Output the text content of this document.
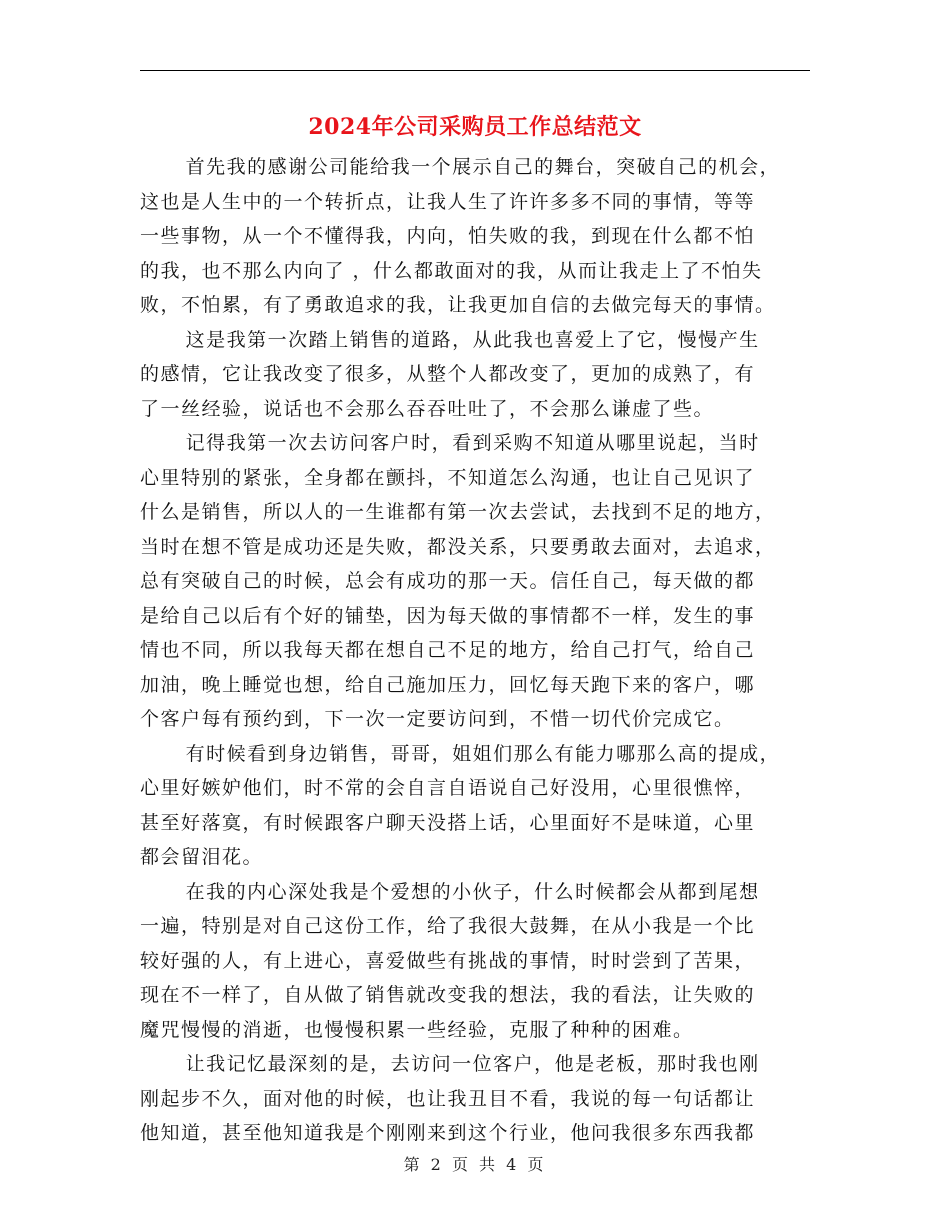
2024年公司采购员工作总结范文

首先我的感谢公司能给我一个展示自己的舞台，突破自己的机会，
这也是人生中的一个转折点，让我人生了许许多多不同的事情，等等
一些事物，从一个不懂得我，内向，怕失败的我，到现在什么都不怕
的我，也不那么内向了 ，什么都敢面对的我，从而让我走上了不怕失
败，不怕累，有了勇敢追求的我，让我更加自信的去做完每天的事情。

这是我第一次踏上销售的道路，从此我也喜爱上了它，慢慢产生
的感情，它让我改变了很多，从整个人都改变了，更加的成熟了，有
了一丝经验，说话也不会那么吞吞吐吐了，不会那么谦虚了些。

记得我第一次去访问客户时，看到采购不知道从哪里说起，当时
心里特别的紧张，全身都在颤抖，不知道怎么沟通，也让自己见识了
什么是销售，所以人的一生谁都有第一次去尝试，去找到不足的地方，
当时在想不管是成功还是失败，都没关系，只要勇敢去面对，去追求，
总有突破自己的时候，总会有成功的那一天。信任自己，每天做的都
是给自己以后有个好的铺垫，因为每天做的事情都不一样，发生的事
情也不同，所以我每天都在想自己不足的地方，给自己打气，给自己
加油，晚上睡觉也想，给自己施加压力，回忆每天跑下来的客户，哪
个客户每有预约到，下一次一定要访问到，不惜一切代价完成它。

有时候看到身边销售，哥哥，姐姐们那么有能力哪那么高的提成，
心里好嫉妒他们，时不常的会自言自语说自己好没用，心里很憔悴，
甚至好落寞，有时候跟客户聊天没搭上话，心里面好不是味道，心里
都会留泪花。

在我的内心深处我是个爱想的小伙子，什么时候都会从都到尾想
一遍，特别是对自己这份工作，给了我很大鼓舞，在从小我是一个比
较好强的人，有上进心，喜爱做些有挑战的事情，时时尝到了苦果，
现在不一样了，自从做了销售就改变我的想法，我的看法，让失败的
魔咒慢慢的消逝，也慢慢积累一些经验，克服了种种的困难。

让我记忆最深刻的是，去访问一位客户，他是老板，那时我也刚
刚起步不久，面对他的时候，也让我丑目不看，我说的每一句话都让
他知道，甚至他知道我是个刚刚来到这个行业，他问我很多东西我都

第 2 页 共 4 页
